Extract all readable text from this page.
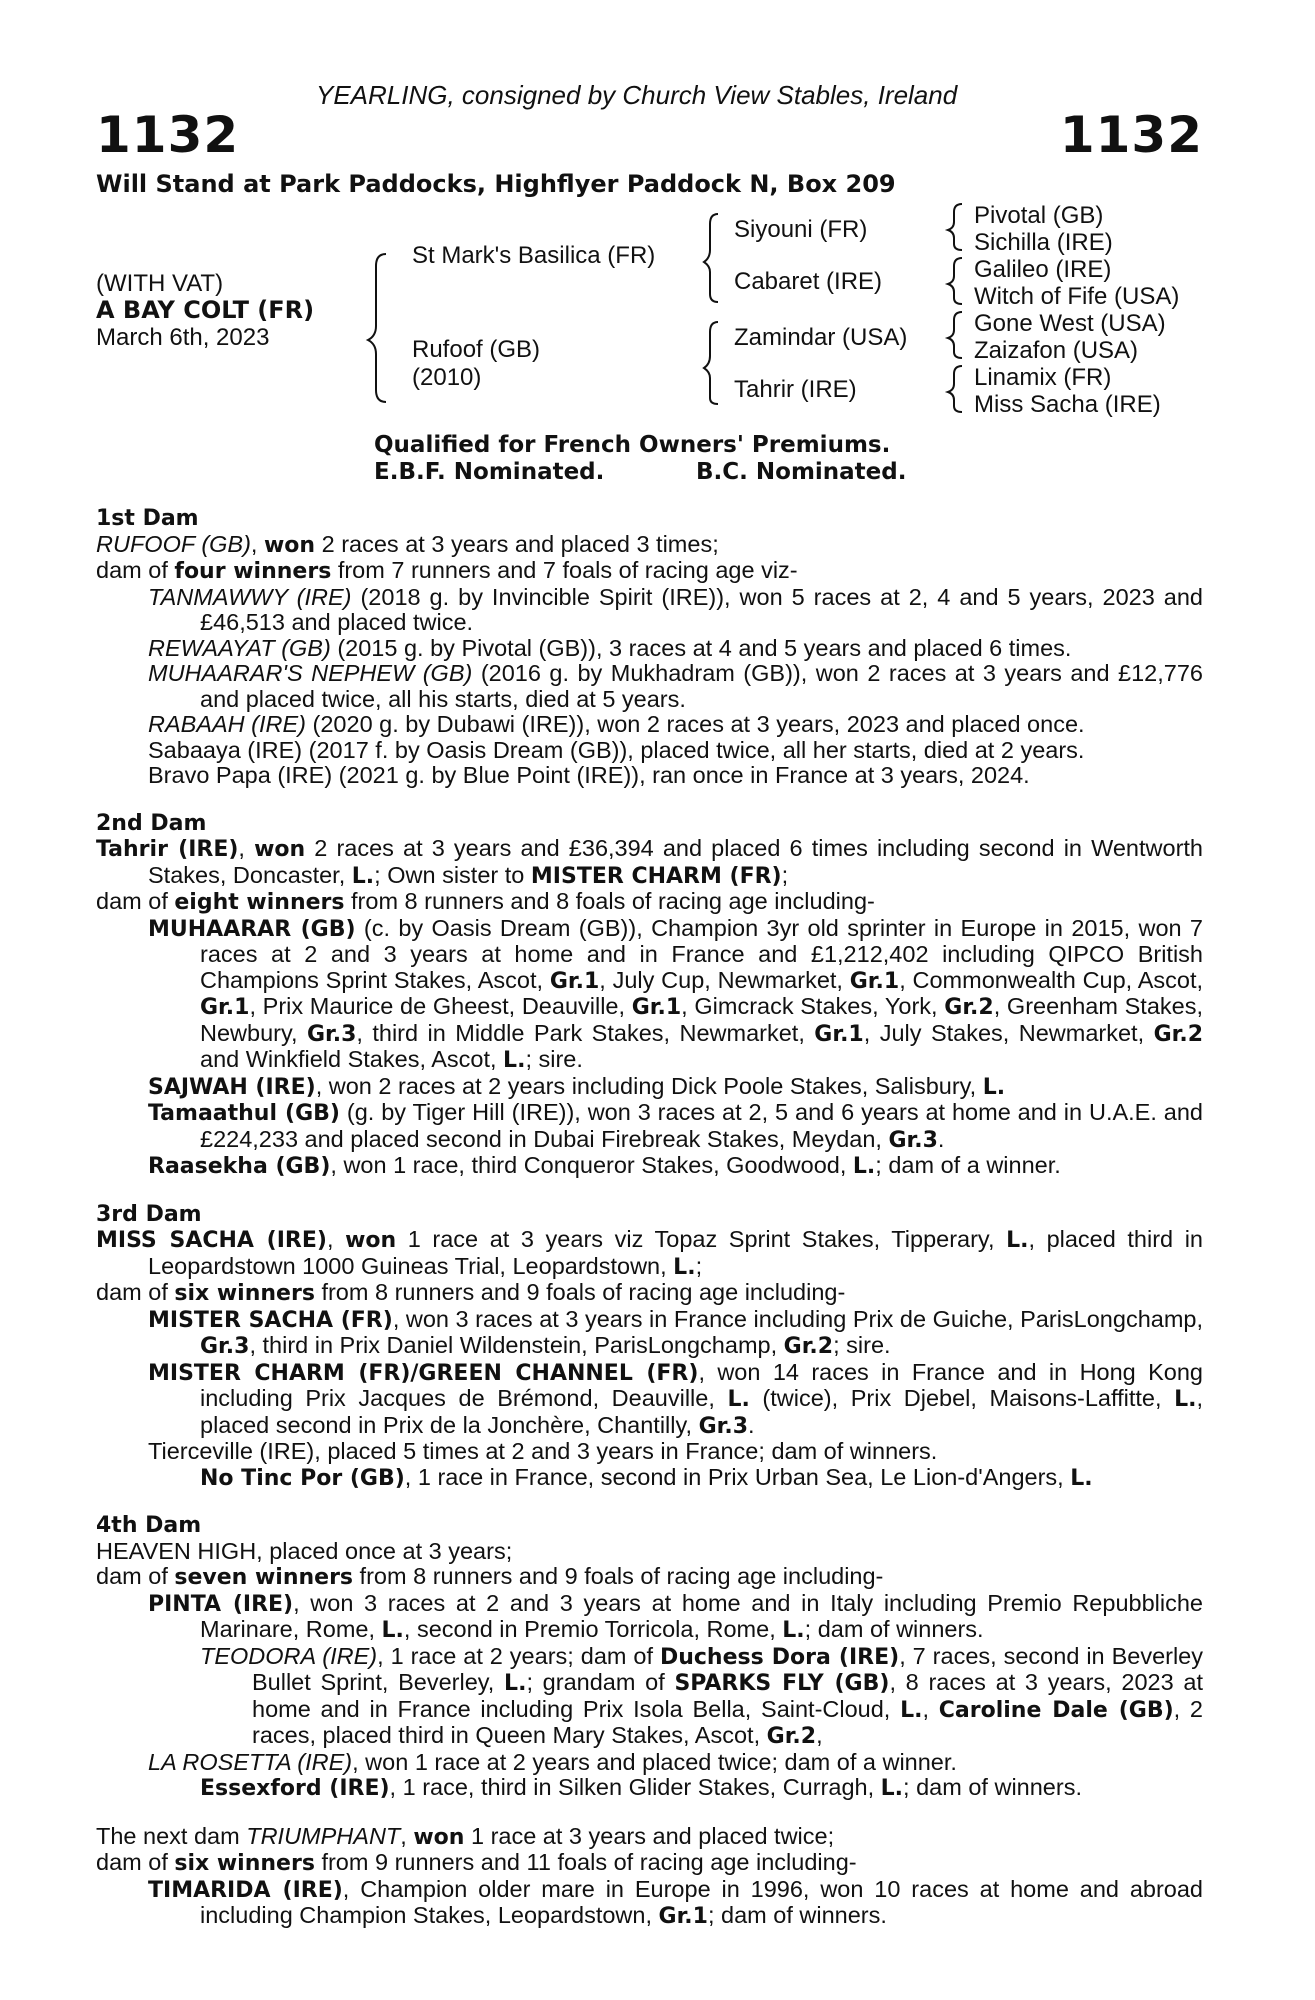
YEARLING, consigned by Church View Stables, Ireland
1132	1132
Will Stand at Park Paddocks, Highflyer Paddock N, Box 209
(WITH VAT)
A BAY COLT (FR)
March 6th, 2023
St Mark's Basilica (FR)
Rufoof (GB)
(2010)
Siyouni (FR)
Cabaret (IRE)
Zamindar (USA)
Tahrir (IRE)
Pivotal (GB)
Sichilla (IRE)
Galileo (IRE)
Witch of Fife (USA)
Gone West (USA)
Zaizafon (USA)
Linamix (FR)
Miss Sacha (IRE)
Qualified for French Owners' Premiums.
E.B.F. Nominated.	B.C. Nominated.
1st Dam
RUFOOF (GB), won 2 races at 3 years and placed 3 times;
dam of four winners from 7 runners and 7 foals of racing age viz-
TANMAWWY (IRE) (2018 g. by Invincible Spirit (IRE)), won 5 races at 2, 4 and 5 years, 2023 and £46,513 and placed twice.
REWAAYAT (GB) (2015 g. by Pivotal (GB)), 3 races at 4 and 5 years and placed 6 times.
MUHAARAR'S NEPHEW (GB) (2016 g. by Mukhadram (GB)), won 2 races at 3 years and £12,776 and placed twice, all his starts, died at 5 years.
RABAAH (IRE) (2020 g. by Dubawi (IRE)), won 2 races at 3 years, 2023 and placed once.
Sabaaya (IRE) (2017 f. by Oasis Dream (GB)), placed twice, all her starts, died at 2 years.
Bravo Papa (IRE) (2021 g. by Blue Point (IRE)), ran once in France at 3 years, 2024.
2nd Dam
Tahrir (IRE), won 2 races at 3 years and £36,394 and placed 6 times including second in Wentworth Stakes, Doncaster, L.; Own sister to MISTER CHARM (FR);
dam of eight winners from 8 runners and 8 foals of racing age including-
MUHAARAR (GB) (c. by Oasis Dream (GB)), Champion 3yr old sprinter in Europe in 2015, won 7 races at 2 and 3 years at home and in France and £1,212,402 including QIPCO British Champions Sprint Stakes, Ascot, Gr.1, July Cup, Newmarket, Gr.1, Commonwealth Cup, Ascot, Gr.1, Prix Maurice de Gheest, Deauville, Gr.1, Gimcrack Stakes, York, Gr.2, Greenham Stakes, Newbury, Gr.3, third in Middle Park Stakes, Newmarket, Gr.1, July Stakes, Newmarket, Gr.2 and Winkfield Stakes, Ascot, L.; sire.
SAJWAH (IRE), won 2 races at 2 years including Dick Poole Stakes, Salisbury, L.
Tamaathul (GB) (g. by Tiger Hill (IRE)), won 3 races at 2, 5 and 6 years at home and in U.A.E. and £224,233 and placed second in Dubai Firebreak Stakes, Meydan, Gr.3.
Raasekha (GB), won 1 race, third Conqueror Stakes, Goodwood, L.; dam of a winner.
3rd Dam
MISS SACHA (IRE), won 1 race at 3 years viz Topaz Sprint Stakes, Tipperary, L., placed third in Leopardstown 1000 Guineas Trial, Leopardstown, L.;
dam of six winners from 8 runners and 9 foals of racing age including-
MISTER SACHA (FR), won 3 races at 3 years in France including Prix de Guiche, ParisLongchamp, Gr.3, third in Prix Daniel Wildenstein, ParisLongchamp, Gr.2; sire.
MISTER CHARM (FR)/GREEN CHANNEL (FR), won 14 races in France and in Hong Kong including Prix Jacques de Brémond, Deauville, L. (twice), Prix Djebel, Maisons-Laffitte, L., placed second in Prix de la Jonchère, Chantilly, Gr.3.
Tierceville (IRE), placed 5 times at 2 and 3 years in France; dam of winners.
No Tinc Por (GB), 1 race in France, second in Prix Urban Sea, Le Lion-d'Angers, L.
4th Dam
HEAVEN HIGH, placed once at 3 years;
dam of seven winners from 8 runners and 9 foals of racing age including-
PINTA (IRE), won 3 races at 2 and 3 years at home and in Italy including Premio Repubbliche Marinare, Rome, L., second in Premio Torricola, Rome, L.; dam of winners.
TEODORA (IRE), 1 race at 2 years; dam of Duchess Dora (IRE), 7 races, second in Beverley Bullet Sprint, Beverley, L.; grandam of SPARKS FLY (GB), 8 races at 3 years, 2023 at home and in France including Prix Isola Bella, Saint-Cloud, L., Caroline Dale (GB), 2 races, placed third in Queen Mary Stakes, Ascot, Gr.2,
LA ROSETTA (IRE), won 1 race at 2 years and placed twice; dam of a winner.
Essexford (IRE), 1 race, third in Silken Glider Stakes, Curragh, L.; dam of winners.
The next dam TRIUMPHANT, won 1 race at 3 years and placed twice;
dam of six winners from 9 runners and 11 foals of racing age including-
TIMARIDA (IRE), Champion older mare in Europe in 1996, won 10 races at home and abroad including Champion Stakes, Leopardstown, Gr.1; dam of winners.
